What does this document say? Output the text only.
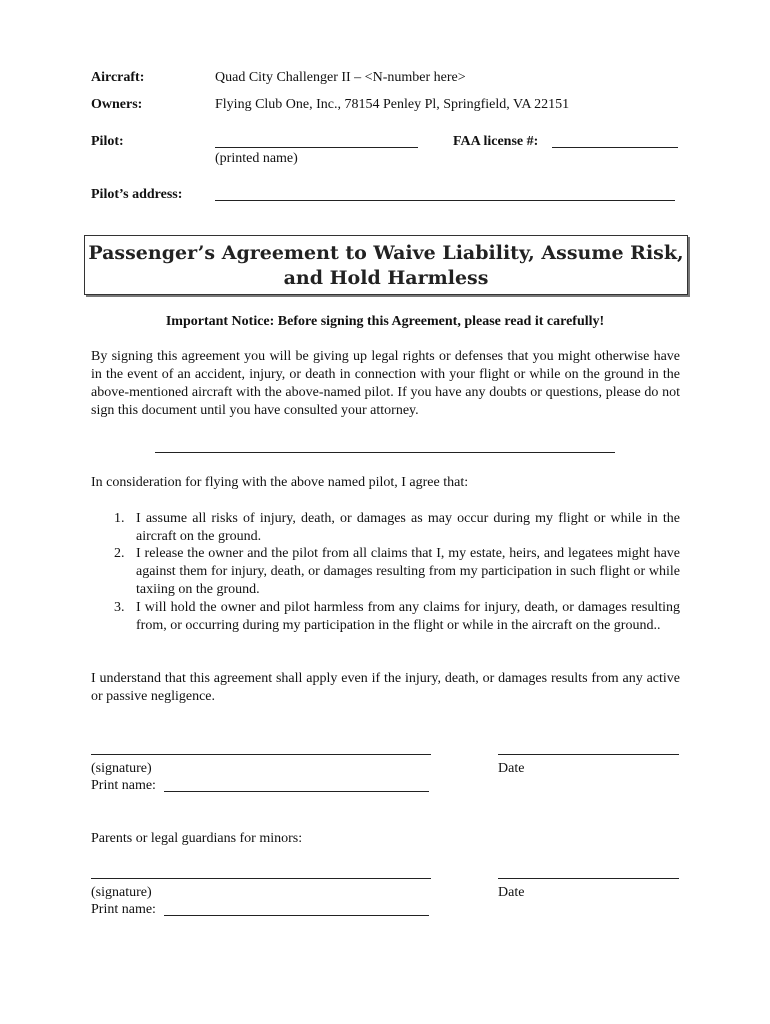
Aircraft:	Quad City Challenger II – <N-number here>
Owners:	Flying Club One, Inc., 78154 Penley Pl, Springfield, VA 22151
Pilot:	FAA license #:
(printed name)
Pilot’s address:
Passenger’s Agreement to Waive Liability, Assume Risk, and Hold Harmless
Important Notice: Before signing this Agreement, please read it carefully!
By signing this agreement you will be giving up legal rights or defenses that you might otherwise have in the event of an accident, injury, or death in connection with your flight or while on the ground in the above-mentioned aircraft with the above-named pilot. If you have any doubts or questions, please do not sign this document until you have consulted your attorney.
In consideration for flying with the above named pilot, I agree that:
1. I assume all risks of injury, death, or damages as may occur during my flight or while in the aircraft on the ground.
2. I release the owner and the pilot from all claims that I, my estate, heirs, and legatees might have against them for injury, death, or damages resulting from my participation in such flight or while taxiing on the ground.
3. I will hold the owner and pilot harmless from any claims for injury, death, or damages resulting from, or occurring during my participation in the flight or while in the aircraft on the ground..
I understand that this agreement shall apply even if the injury, death, or damages results from any active or passive negligence.
(signature)	Date
Print name:
Parents or legal guardians for minors:
(signature)	Date
Print name:
